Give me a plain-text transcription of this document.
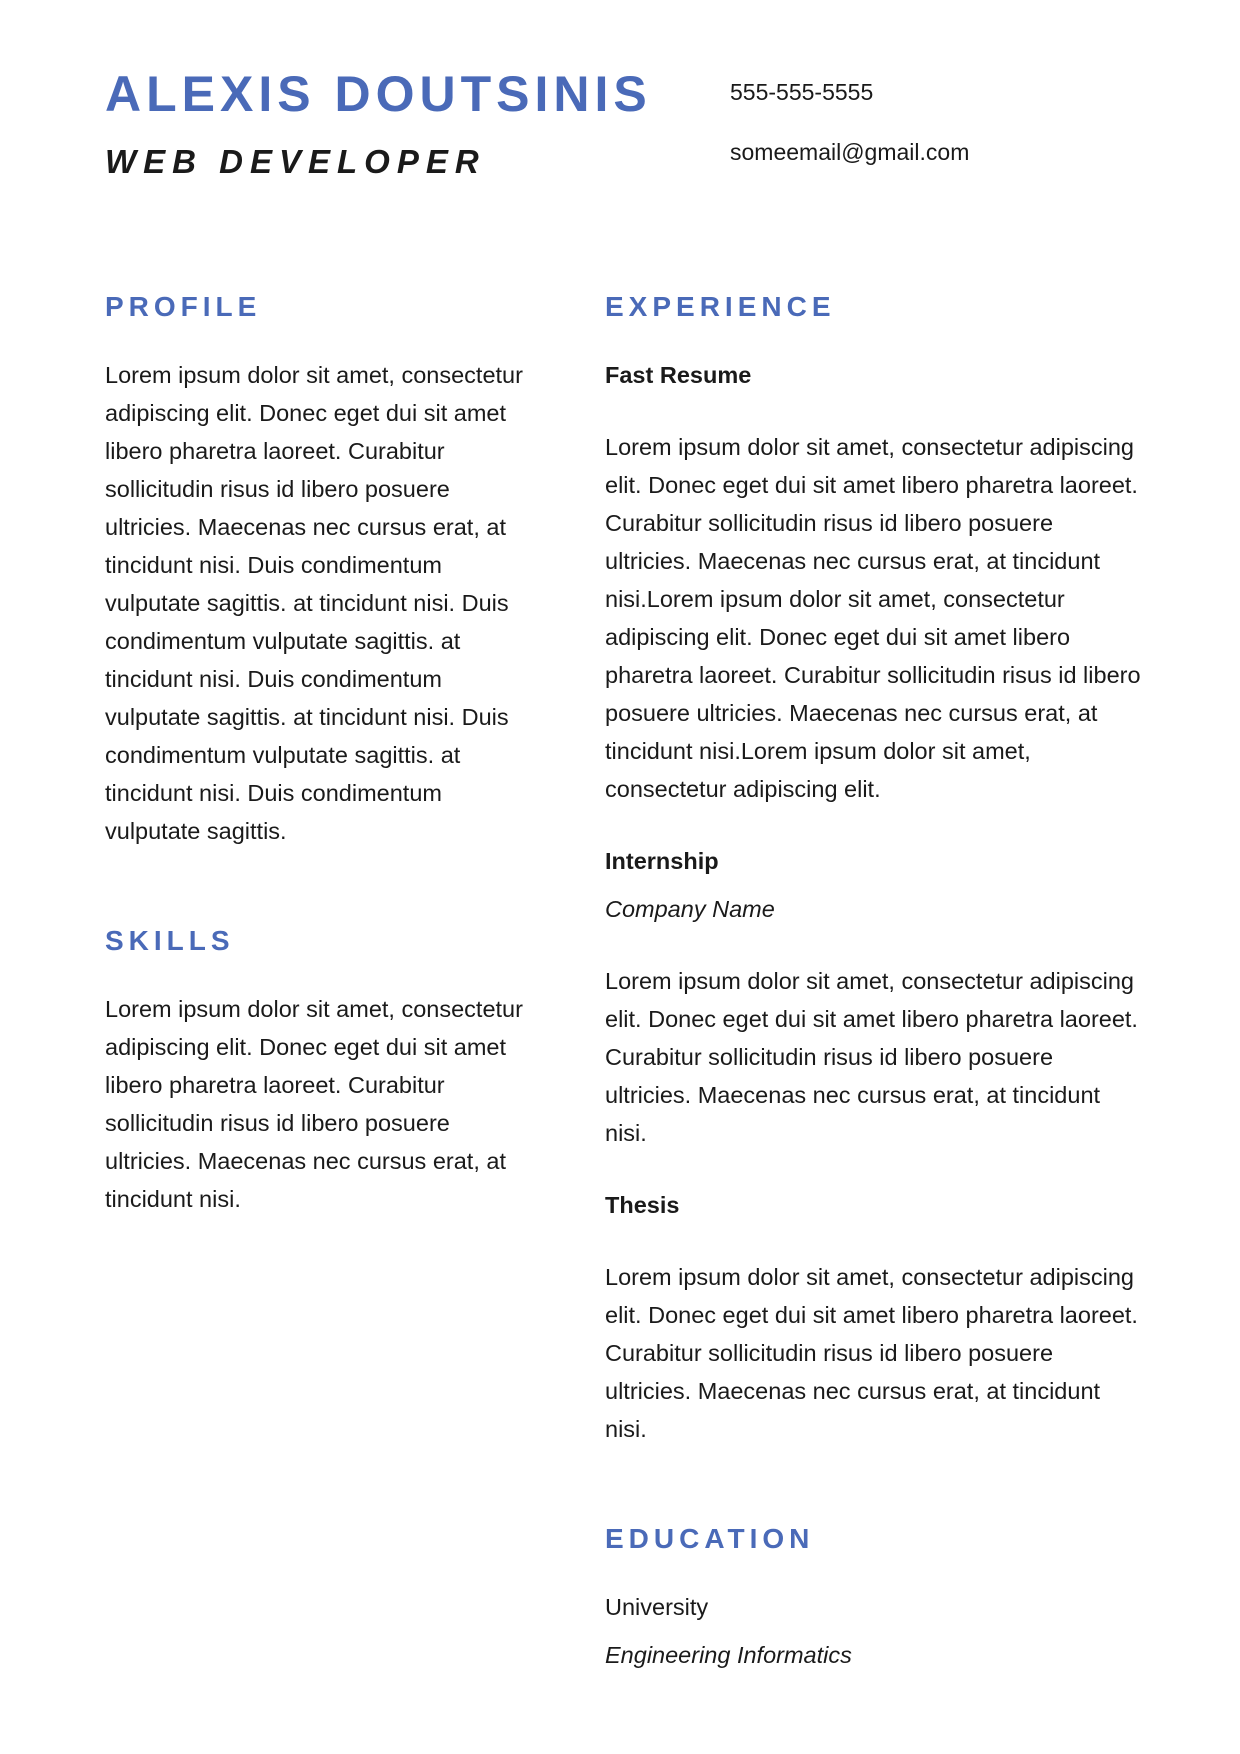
ALEXIS DOUTSINIS
WEB DEVELOPER

555-555-5555

someemail@gmail.com

PROFILE

Lorem ipsum dolor sit amet, consectetur adipiscing elit. Donec eget dui sit amet libero pharetra laoreet. Curabitur sollicitudin risus id libero posuere ultricies. Maecenas nec cursus erat, at tincidunt nisi. Duis condimentum vulputate sagittis. at tincidunt nisi. Duis condimentum vulputate sagittis. at tincidunt nisi. Duis condimentum vulputate sagittis. at tincidunt nisi. Duis condimentum vulputate sagittis. at tincidunt nisi. Duis condimentum vulputate sagittis.

SKILLS

Lorem ipsum dolor sit amet, consectetur adipiscing elit. Donec eget dui sit amet libero pharetra laoreet. Curabitur sollicitudin risus id libero posuere ultricies. Maecenas nec cursus erat, at tincidunt nisi.

EXPERIENCE

Fast Resume

Lorem ipsum dolor sit amet, consectetur adipiscing elit. Donec eget dui sit amet libero pharetra laoreet. Curabitur sollicitudin risus id libero posuere ultricies. Maecenas nec cursus erat, at tincidunt nisi.Lorem ipsum dolor sit amet, consectetur adipiscing elit. Donec eget dui sit amet libero pharetra laoreet. Curabitur sollicitudin risus id libero posuere ultricies. Maecenas nec cursus erat, at tincidunt nisi.Lorem ipsum dolor sit amet, consectetur adipiscing elit.

Internship

Company Name

Lorem ipsum dolor sit amet, consectetur adipiscing elit. Donec eget dui sit amet libero pharetra laoreet. Curabitur sollicitudin risus id libero posuere ultricies. Maecenas nec cursus erat, at tincidunt nisi.

Thesis

Lorem ipsum dolor sit amet, consectetur adipiscing elit. Donec eget dui sit amet libero pharetra laoreet. Curabitur sollicitudin risus id libero posuere ultricies. Maecenas nec cursus erat, at tincidunt nisi.

EDUCATION

University

Engineering Informatics
